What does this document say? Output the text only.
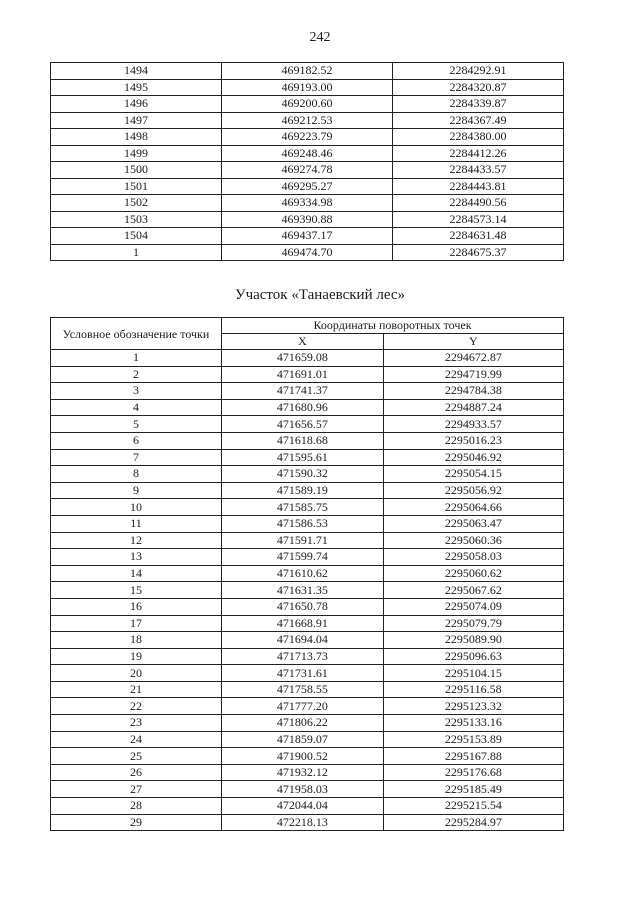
242
1494	469182.52	2284292.91
1495	469193.00	2284320.87
1496	469200.60	2284339.87
1497	469212.53	2284367.49
1498	469223.79	2284380.00
1499	469248.46	2284412.26
1500	469274.78	2284433.57
1501	469295.27	2284443.81
1502	469334.98	2284490.56
1503	469390.88	2284573.14
1504	469437.17	2284631.48
1	469474.70	2284675.37
Участок «Танаевский лес»
Условное обозначение точки	Координаты поворотных точек	
	X	Y
1	471659.08	2294672.87
2	471691.01	2294719.99
3	471741.37	2294784.38
4	471680.96	2294887.24
5	471656.57	2294933.57
6	471618.68	2295016.23
7	471595.61	2295046.92
8	471590.32	2295054.15
9	471589.19	2295056.92
10	471585.75	2295064.66
11	471586.53	2295063.47
12	471591.71	2295060.36
13	471599.74	2295058.03
14	471610.62	2295060.62
15	471631.35	2295067.62
16	471650.78	2295074.09
17	471668.91	2295079.79
18	471694.04	2295089.90
19	471713.73	2295096.63
20	471731.61	2295104.15
21	471758.55	2295116.58
22	471777.20	2295123.32
23	471806.22	2295133.16
24	471859.07	2295153.89
25	471900.52	2295167.88
26	471932.12	2295176.68
27	471958.03	2295185.49
28	472044.04	2295215.54
29	472218.13	2295284.97
